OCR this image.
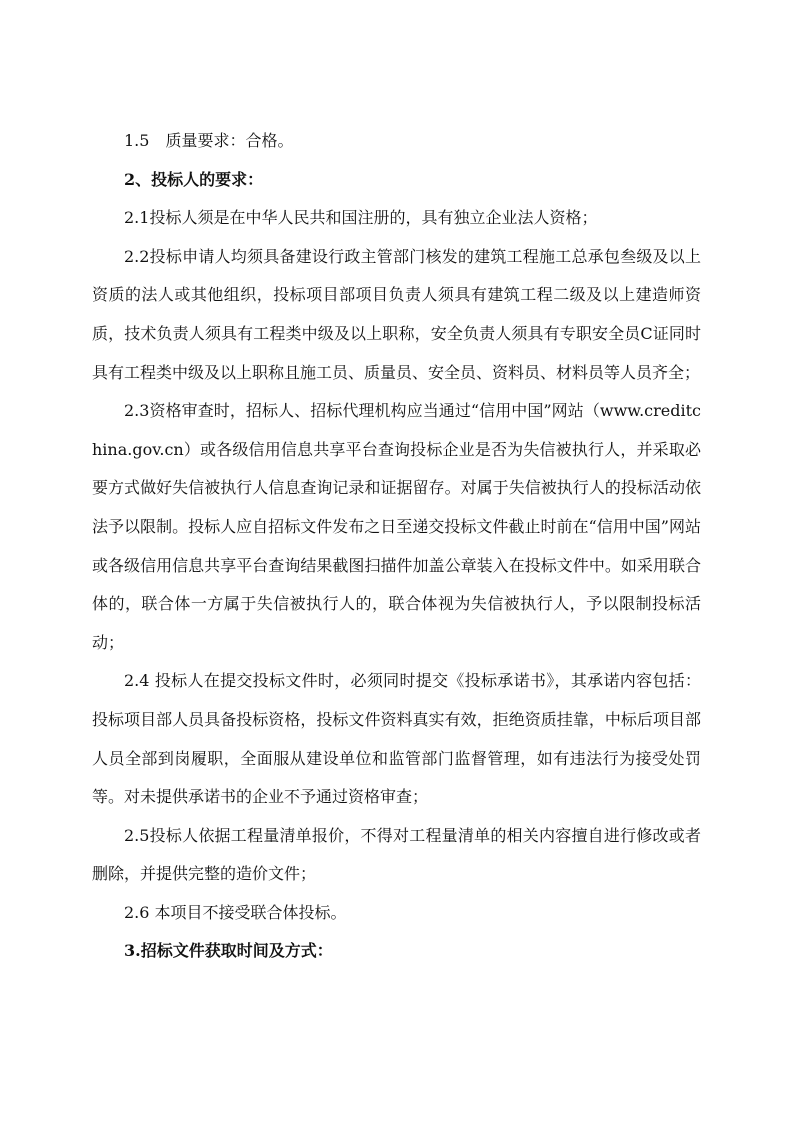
1.5　质量要求：合格。

2、投标人的要求：

2.1投标人须是在中华人民共和国注册的，具有独立企业法人资格；

2.2投标申请人均须具备建设行政主管部门核发的建筑工程施工总承包叁级及以上资质的法人或其他组织，投标项目部项目负责人须具有建筑工程二级及以上建造师资质，技术负责人须具有工程类中级及以上职称，安全负责人须具有专职安全员C证同时具有工程类中级及以上职称且施工员、质量员、安全员、资料员、材料员等人员齐全；

2.3资格审查时，招标人、招标代理机构应当通过“信用中国”网站（www.creditchina.gov.cn）或各级信用信息共享平台查询投标企业是否为失信被执行人，并采取必要方式做好失信被执行人信息查询记录和证据留存。对属于失信被执行人的投标活动依法予以限制。投标人应自招标文件发布之日至递交投标文件截止时前在“信用中国”网站或各级信用信息共享平台查询结果截图扫描件加盖公章装入在投标文件中。如采用联合体的，联合体一方属于失信被执行人的，联合体视为失信被执行人，予以限制投标活动；

2.4 投标人在提交投标文件时，必须同时提交《投标承诺书》，其承诺内容包括：投标项目部人员具备投标资格，投标文件资料真实有效，拒绝资质挂靠，中标后项目部人员全部到岗履职，全面服从建设单位和监管部门监督管理，如有违法行为接受处罚等。对未提供承诺书的企业不予通过资格审查；

2.5投标人依据工程量清单报价，不得对工程量清单的相关内容擅自进行修改或者删除，并提供完整的造价文件；

2.6 本项目不接受联合体投标。

3.招标文件获取时间及方式：
